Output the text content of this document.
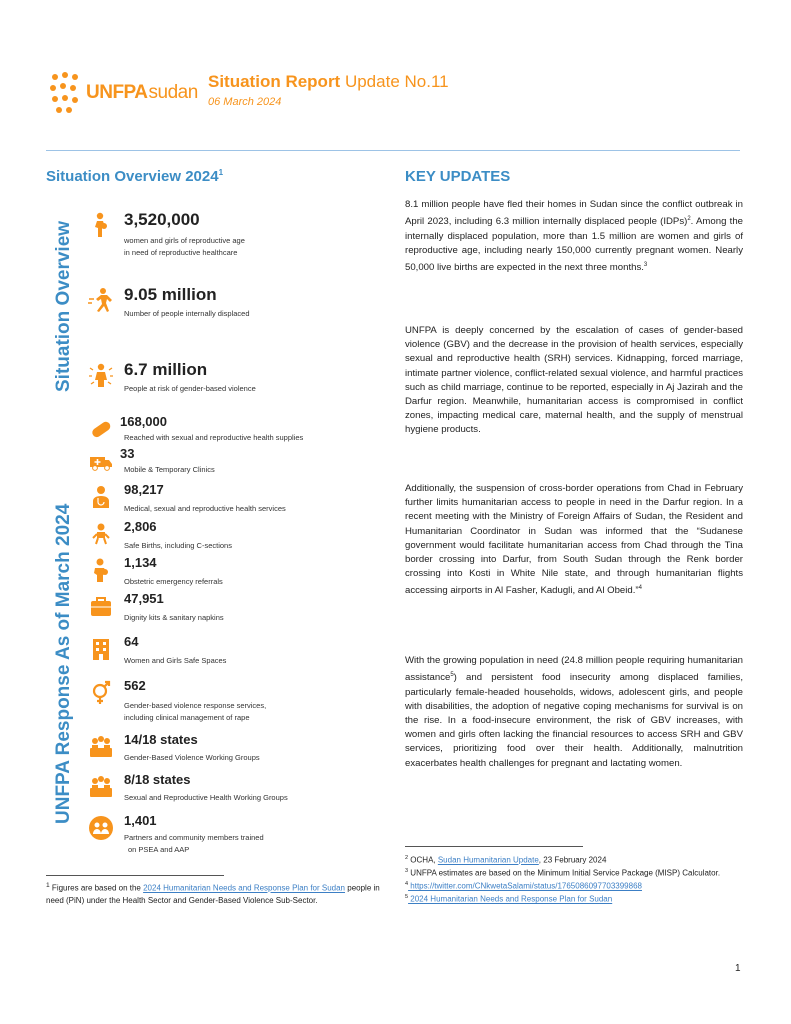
UNFPAsudan
Situation Report Update No.11
06 March 2024
Situation Overview 2024$^1$
Situation Overview
UNFPA Response As of March 2024
3,520,000
women and girls of reproductive age
in need of reproductive healthcare
9.05 million
Number of people internally displaced
6.7 million
People at risk of gender-based violence
168,000
Reached with sexual and reproductive health supplies
33
Mobile & Temporary Clinics
98,217
Medical, sexual and reproductive health services
2,806
Safe Births, including C-sections
1,134
Obstetric emergency referrals
47,951
Dignity kits & sanitary napkins
64
Women and Girls Safe Spaces
562
Gender-based violence response services,
including clinical management of rape
14/18 states
Gender-Based Violence Working Groups
8/18 states
Sexual and Reproductive Health Working Groups
1,401
Partners and community members trained
on PSEA and AAP
$^1$ Figures are based on the 2024 Humanitarian Needs and Response Plan for Sudan people in need (PiN) under the Health Sector and Gender-Based Violence Sub-Sector.
KEY UPDATES
8.1 million people have fled their homes in Sudan since the conflict outbreak in April 2023, including 6.3 million internally displaced people (IDPs)$^2$. Among the internally displaced population, more than 1.5 million are women and girls of reproductive age, including nearly 150,000 currently pregnant women. Nearly 50,000 live births are expected in the next three months.$^3$
UNFPA is deeply concerned by the escalation of cases of gender-based violence (GBV) and the decrease in the provision of health services, especially sexual and reproductive health (SRH) services. Kidnapping, forced marriage, intimate partner violence, conflict-related sexual violence, and harmful practices such as child marriage, continue to be reported, especially in Aj Jazirah and the Darfur region. Meanwhile, humanitarian access is compromised in conflict zones, impacting medical care, maternal health, and the supply of menstrual hygiene products.
Additionally, the suspension of cross-border operations from Chad in February further limits humanitarian access to people in need in the Darfur region. In a recent meeting with the Ministry of Foreign Affairs of Sudan, the Resident and Humanitarian Coordinator in Sudan was informed that the “Sudanese government would facilitate humanitarian access from Chad through the Tina border crossing into Darfur, from South Sudan through the Renk border crossing into Kosti in White Nile state, and through humanitarian flights accessing airports in Al Fasher, Kadugli, and Al Obeid.”$^4$
With the growing population in need (24.8 million people requiring humanitarian assistance$^5$) and persistent food insecurity among displaced families, particularly female-headed households, widows, adolescent girls, and people with disabilities, the adoption of negative coping mechanisms for survival is on the rise. In a food-insecure environment, the risk of GBV increases, with women and girls often lacking the financial resources to access SRH and GBV services, prioritizing food over their health. Additionally, malnutrition exacerbates health challenges for pregnant and lactating women.
$^2$ OCHA, Sudan Humanitarian Update, 23 February 2024
$^3$ UNFPA estimates are based on the Minimum Initial Service Package (MISP) Calculator.
$^4$ https://twitter.com/CNkwetaSalami/status/1765086097703399868
$^5$ 2024 Humanitarian Needs and Response Plan for Sudan
1
